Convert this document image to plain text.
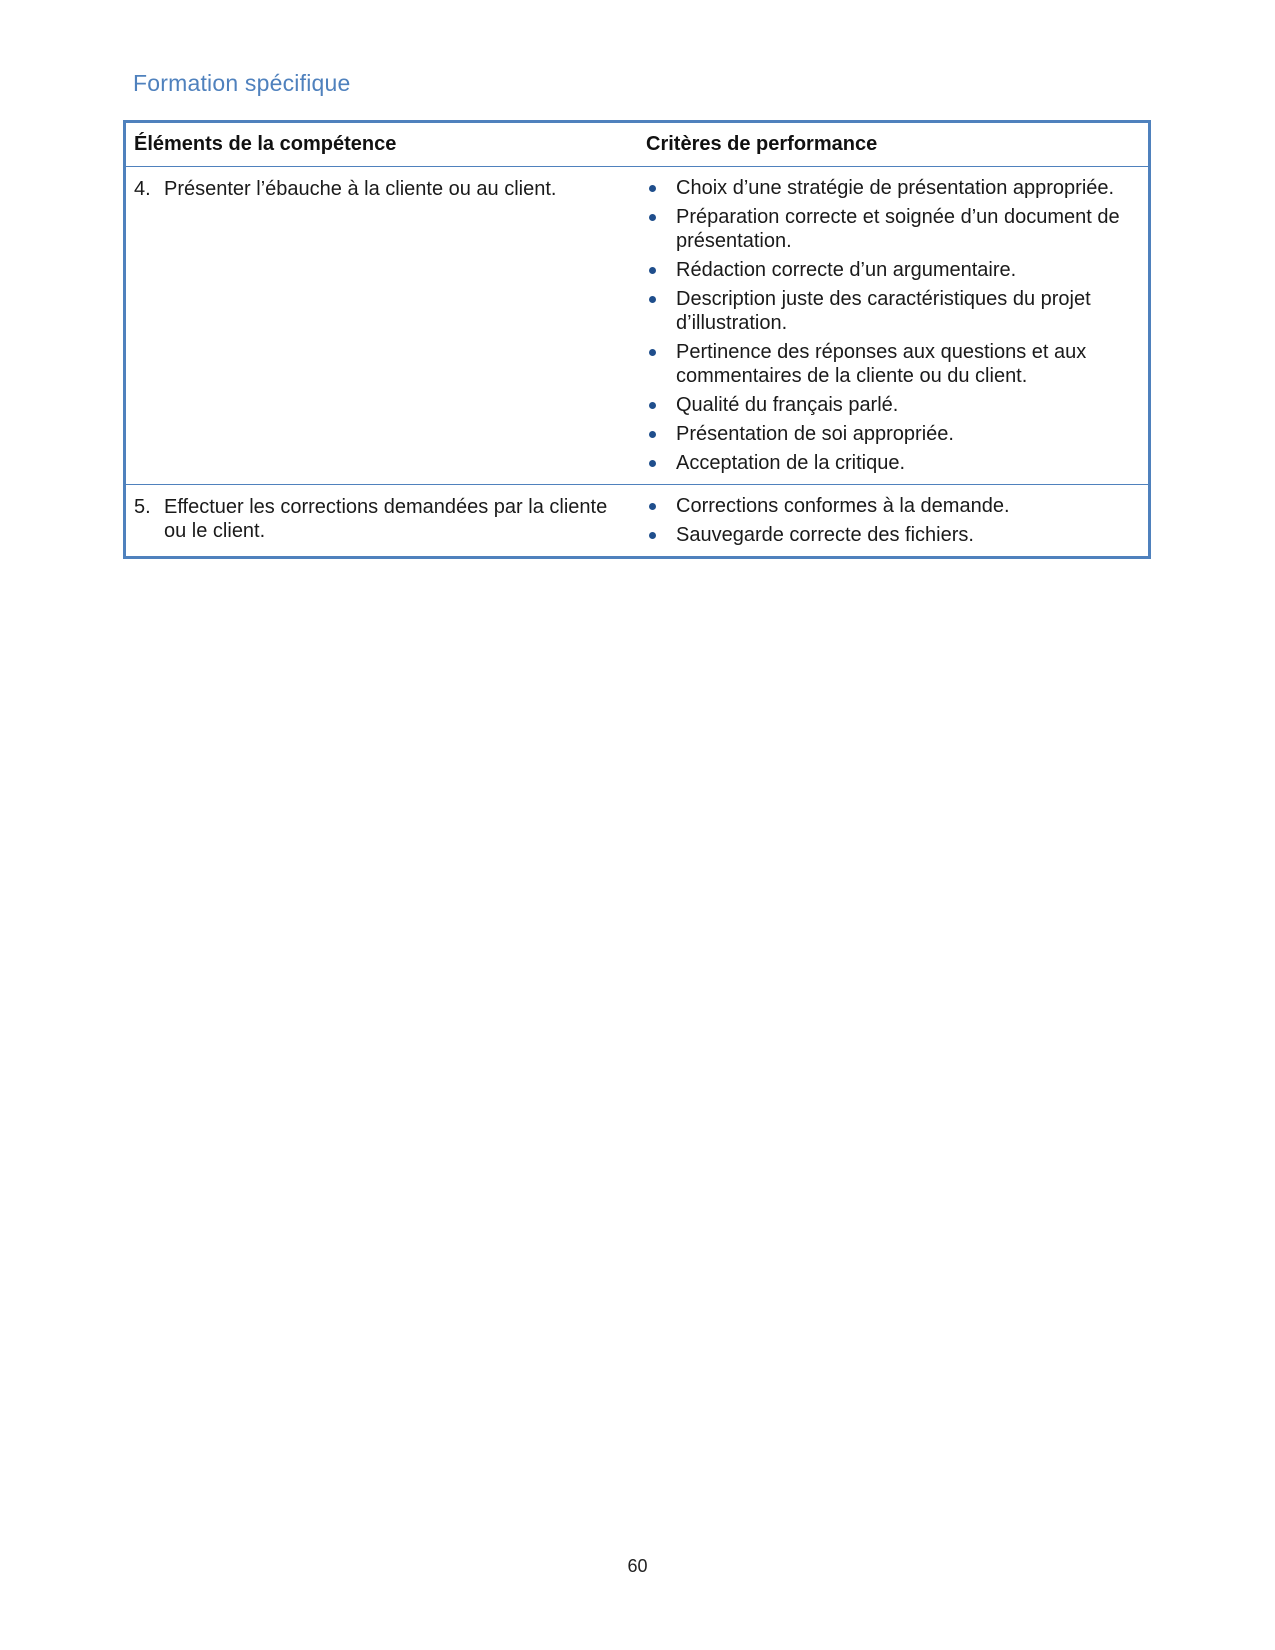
Formation spécifique
Éléments de la compétence	Critères de performance
4. Présenter l’ébauche à la cliente ou au client.	Choix d’une stratégie de présentation appropriée.
Préparation correcte et soignée d’un document de présentation.
Rédaction correcte d’un argumentaire.
Description juste des caractéristiques du projet d’illustration.
Pertinence des réponses aux questions et aux commentaires de la cliente ou du client.
Qualité du français parlé.
Présentation de soi appropriée.
Acceptation de la critique.
5. Effectuer les corrections demandées par la cliente ou le client.
Corrections conformes à la demande.
Sauvegarde correcte des fichiers.
60
